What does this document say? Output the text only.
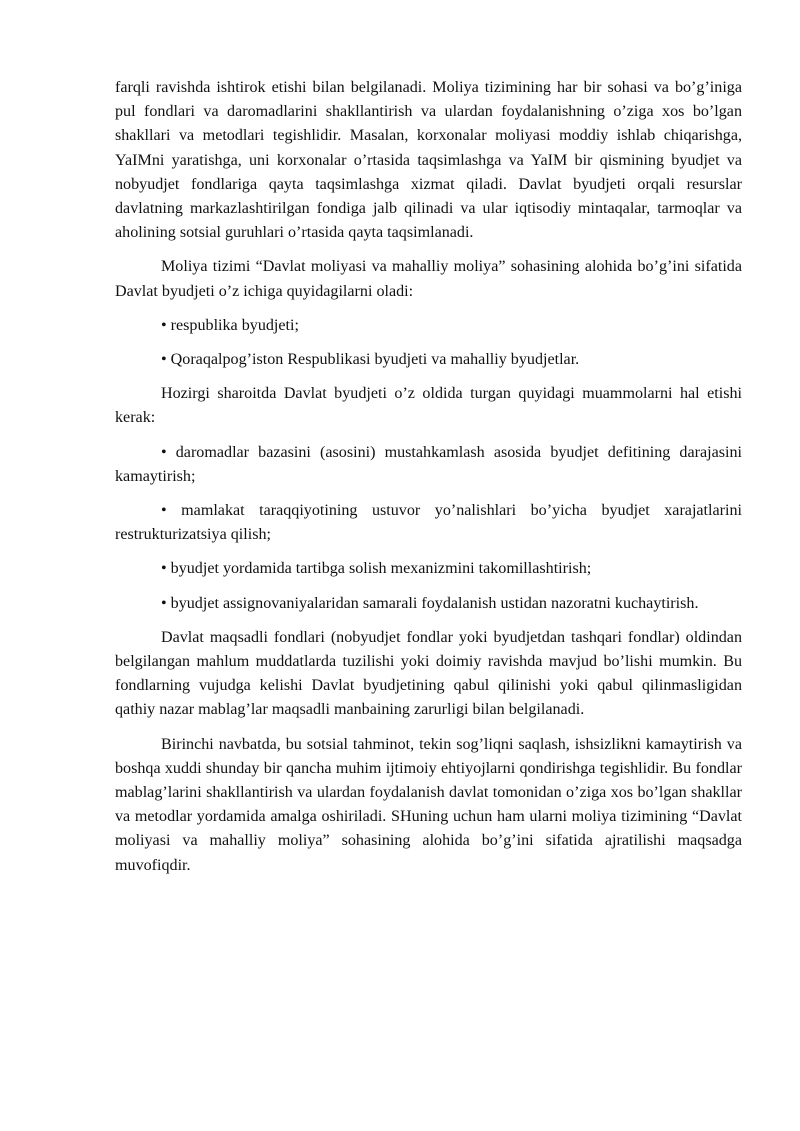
farqli ravishda ishtirok etishi bilan belgilanadi. Moliya tizimining har bir sohasi va bo’g’iniga pul fondlari va daromadlarini shakllantirish va ulardan foydalanishning o’ziga xos bo’lgan shakllari va metodlari tegishlidir. Masalan, korxonalar moliyasi moddiy ishlab chiqarishga, YaIMni yaratishga, uni korxonalar o’rtasida taqsimlashga va YaIM bir qismining byudjet va nobyudjet fondlariga qayta taqsimlashga xizmat qiladi. Davlat byudjeti orqali resurslar davlatning markazlashtirilgan fondiga jalb qilinadi va ular iqtisodiy mintaqalar, tarmoqlar va aholining sotsial guruhlari o’rtasida qayta taqsimlanadi.

Moliya tizimi “Davlat moliyasi va mahalliy moliya” sohasining alohida bo’g’ini sifatida Davlat byudjeti o’z ichiga quyidagilarni oladi:

• respublika byudjeti;

• Qoraqalpog’iston Respublikasi byudjeti va mahalliy byudjetlar.

Hozirgi sharoitda Davlat byudjeti o’z oldida turgan quyidagi muammolarni hal etishi kerak:

• daromadlar bazasini (asosini) mustahkamlash asosida byudjet defitining darajasini kamaytirish;

• mamlakat taraqqiyotining ustuvor yo’nalishlari bo’yicha byudjet xarajatlarini restrukturizatsiya qilish;

• byudjet yordamida tartibga solish mexanizmini takomillashtirish;

• byudjet assignovaniyalaridan samarali foydalanish ustidan nazoratni kuchaytirish.

Davlat maqsadli fondlari (nobyudjet fondlar yoki byudjetdan tashqari fondlar) oldindan belgilangan mahlum muddatlarda tuzilishi yoki doimiy ravishda mavjud bo’lishi mumkin. Bu fondlarning vujudga kelishi Davlat byudjetining qabul qilinishi yoki qabul qilinmasligidan qathiy nazar mablag’lar maqsadli manbaining zarurligi bilan belgilanadi.

Birinchi navbatda, bu sotsial tahminot, tekin sog’liqni saqlash, ishsizlikni kamaytirish va boshqa xuddi shunday bir qancha muhim ijtimoiy ehtiyojlarni qondirishga tegishlidir. Bu fondlar mablag’larini shakllantirish va ulardan foydalanish davlat tomonidan o’ziga xos bo’lgan shakllar va metodlar yordamida amalga oshiriladi. SHuning uchun ham ularni moliya tizimining “Davlat moliyasi va mahalliy moliya” sohasining alohida bo’g’ini sifatida ajratilishi maqsadga muvofiqdir.
